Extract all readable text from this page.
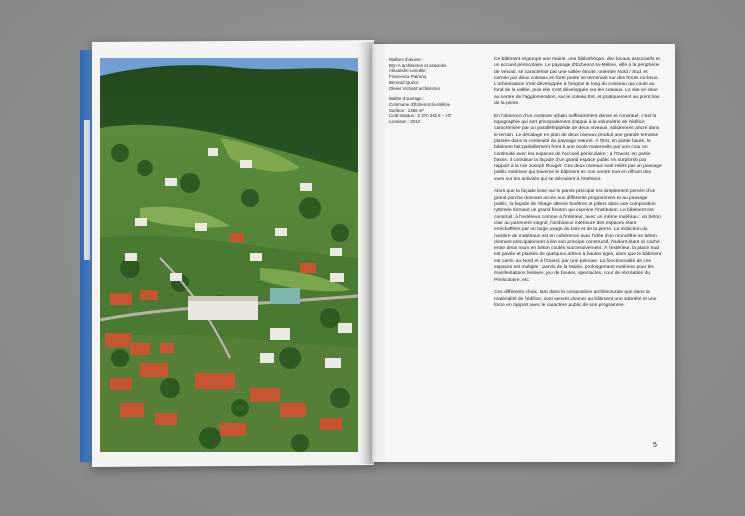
Maîtres d'œuvre :
BQ+A architectes et associés
Alexandre Lenoble,
Francesca Patrono,
Bernard Quirot,
Olivier Vichard architectes
Maître d'ouvrage :
Commune d'Échenoz-la-Méline
Surface : 1356 m²
Coût travaux : 2 370 342 € – HT
Livraison : 2013

Ce bâtiment regroupe une mairie, une bibliothèque, des locaux associatifs et un accueil périscolaire. Le paysage d'Échenoz-la-Méline, villé à la périphérie de Vesoul, se caractérise par une vallée étroite, orientée Nord / Sud, et cernée par deux coteaux en forte pente se terminant sur des fronts rocheux. L'urbanisation s'est développée à l'origine le long du ruisseau qui coule au fond de la vallée, puis elle s'est développée sur les coteaux. Le site se situe au centre de l'agglomération, sur le coteau Est, et pratiquement au point bas de la pente.

En l'absence d'un contexte urbain suffisamment dense et constitué, c'est la topographie qui sert principalement d'appui à la volumétrie de l'édifice caractérisée par un parallélépipède de deux niveaux, solidement ancré dans le terrain. Le décalage en plan de deux niveaux produit une grande terrasse plantée dans la continuité du paysage naturel. À l'Est, en partie haute, le bâtiment fait partiellement front à une école maternelle par une cour en continuité avec les espaces de l'accueil périscolaire ; à l'Ouest, en partie basse, il constitue la façade d'un grand espace public en surplomb par rapport à la rue Joseph Rouget. Ces deux niveaux sont reliés par un passage public extérieur qui traverse le bâtiment en son centre tout en offrant des vues sur les activités qui se déroulent à l'intérieur.

Alors que la façade lisse sur le parvis principal est simplement percée d'un grand porche donnant accès aux différents programmes et au passage public, la façade de l'étage alterne fenêtres et piliers dans une composition rythmée formant un grand fronton qui exprime l'institution. Le bâtiment est construit, à l'extérieur comme à l'intérieur, avec un même matériau : un béton clair au parement soigné, l'ambiance intérieure des espaces étant enrichaffées par un large usage du bois et de la pierre. La réduction du nombre de matériaux est en cohérence avec l'idée d'un monolithe en béton donnant principalement à lire son principe constructif, l'isolant étant ici caché entre deux murs en béton coulés successivement. À l'extérieur, la place Sud est pavée et plantée de quelques arbres à hautes tiges, alors que le bâtiment est carré, au Nord et à l'Ouest, par une pelouse. La fonctionnalité de ces espaces est multiple : parvis de la Mairie, prolongement extérieur pour les manifestations festives, jeu de boules, spectacles, cour de récréation du Périscolaire, etc.

Ces différents choix, tant dans la composition architecturale que dans la matérialité de l'édifice, sont sensés donner au bâtiment une sobriété et une force en rapport avec le caractère public de son programme.

5
